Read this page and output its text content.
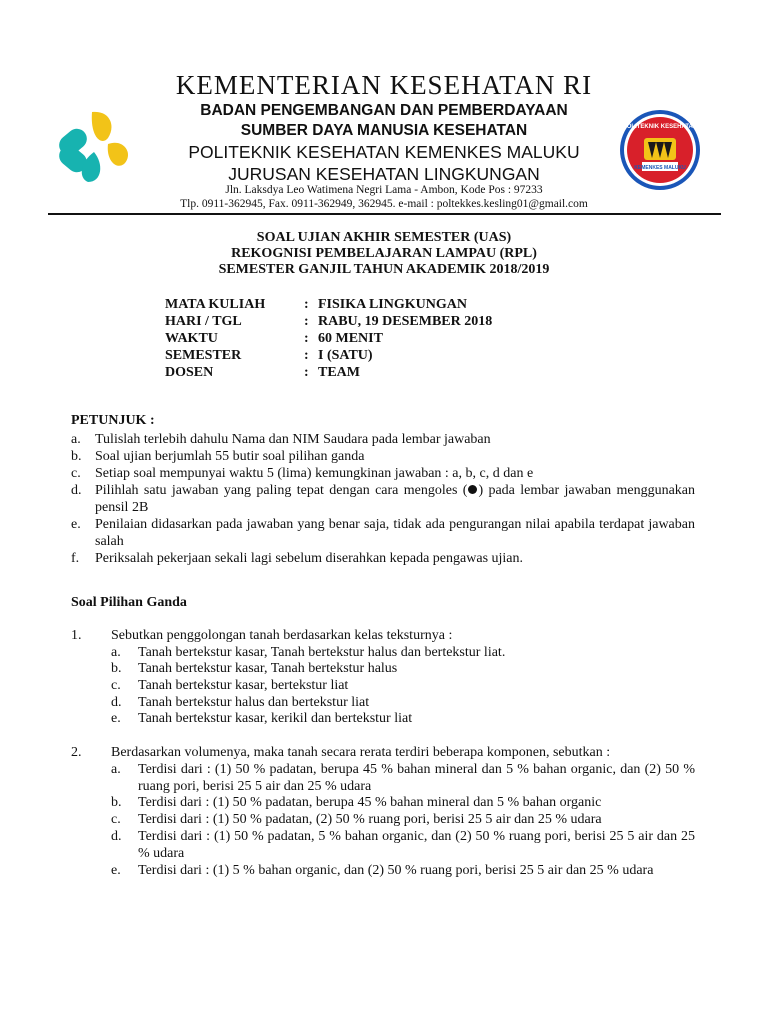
POLITEKNIK KESEHATAN
KEMENKES MALUKU
KEMENTERIAN KESEHATAN RI
BADAN PENGEMBANGAN DAN PEMBERDAYAAN
SUMBER DAYA MANUSIA KESEHATAN
POLITEKNIK KESEHATAN KEMENKES MALUKU
JURUSAN KESEHATAN LINGKUNGAN
Jln. Laksdya Leo Watimena Negri Lama - Ambon, Kode Pos : 97233
Tlp. 0911-362945, Fax. 0911-362949, 362945. e-mail : poltekkes.kesling01@gmail.com
SOAL UJIAN AKHIR SEMESTER (UAS)
REKOGNISI PEMBELAJARAN LAMPAU (RPL)
SEMESTER GANJIL TAHUN AKADEMIK 2018/2019
MATA KULIAH	: FISIKA LINGKUNGAN
HARI / TGL	: RABU, 19 DESEMBER 2018
WAKTU	: 60 MENIT
SEMESTER	: I (SATU)
DOSEN	: TEAM
PETUNJUK :
a. Tulislah terlebih dahulu Nama dan NIM Saudara pada lembar jawaban
b. Soal ujian berjumlah 55 butir soal pilihan ganda
c. Setiap soal mempunyai waktu 5 (lima) kemungkinan jawaban : a, b, c, d dan e
d. Pilihlah satu jawaban yang paling tepat dengan cara mengoles ( ) pada lembar jawaban menggunakan pensil 2B
e. Penilaian didasarkan pada jawaban yang benar saja, tidak ada pengurangan nilai apabila terdapat jawaban salah
f. Periksalah pekerjaan sekali lagi sebelum diserahkan kepada pengawas ujian.
Soal Pilihan Ganda
1. Sebutkan penggolongan tanah berdasarkan kelas teksturnya :
a. Tanah bertekstur kasar, Tanah bertekstur halus dan bertekstur liat.
b. Tanah bertekstur kasar, Tanah bertekstur halus
c. Tanah bertekstur kasar, bertekstur liat
d. Tanah bertekstur halus dan bertekstur liat
e. Tanah bertekstur kasar, kerikil dan bertekstur liat
2. Berdasarkan volumenya, maka tanah secara rerata terdiri beberapa komponen, sebutkan :
a. Terdisi dari : (1) 50 % padatan, berupa 45 % bahan mineral dan 5 % bahan organic, dan (2) 50 % ruang pori, berisi 25 5 air dan 25 % udara
b. Terdisi dari : (1) 50 % padatan, berupa 45 % bahan mineral dan 5 % bahan organic
c. Terdisi dari : (1) 50 % padatan, (2) 50 % ruang pori, berisi 25 5 air dan 25 % udara
d. Terdisi dari : (1) 50 % padatan, 5 % bahan organic, dan (2) 50 % ruang pori, berisi 25 5 air dan 25 % udara
e. Terdisi dari : (1) 5 % bahan organic, dan (2) 50 % ruang pori, berisi 25 5 air dan 25 % udara
